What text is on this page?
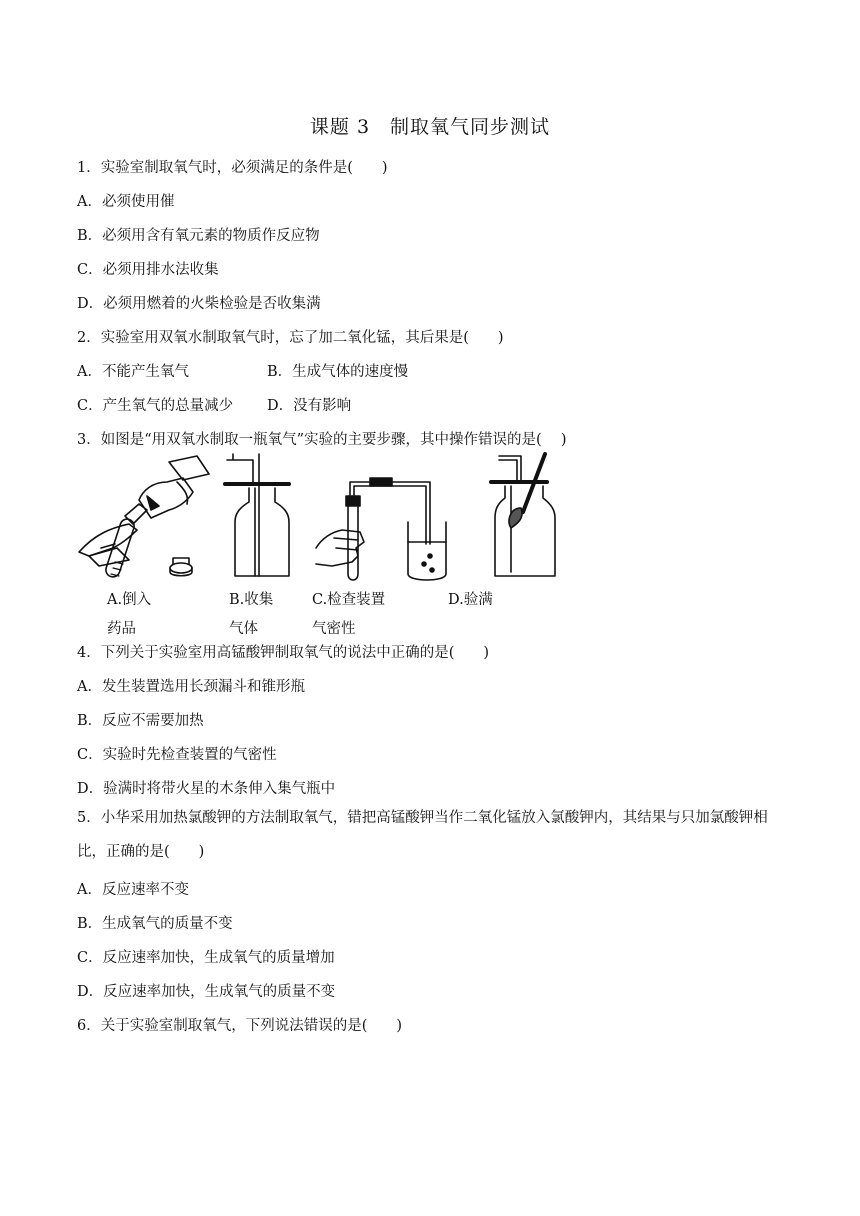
课题 3　制取氧气同步测试
1．实验室制取氧气时，必须满足的条件是(　　)
A．必须使用催
B．必须用含有氧元素的物质作反应物
C．必须用排水法收集
D．必须用燃着的火柴检验是否收集满
2．实验室用双氧水制取氧气时，忘了加二氧化锰，其后果是(　　)
A．不能产生氧气	B．生成气体的速度慢
C．产生氧气的总量减少 D．没有影响
3．如图是“用双氧水制取一瓶氧气”实验的主要步骤，其中操作错误的是(　 )
A.倒入
药品
B.收集
气体
C.检查装置
气密性
D.验满
4．下列关于实验室用高锰酸钾制取氧气的说法中正确的是(　　)
A．发生装置选用长颈漏斗和锥形瓶
B．反应不需要加热
C．实验时先检查装置的气密性
D．验满时将带火星的木条伸入集气瓶中
5．小华采用加热氯酸钾的方法制取氧气，错把高锰酸钾当作二氧化锰放入氯酸钾内，其结果与只加氯酸钾相比，正确的是(　　)
A．反应速率不变
B．生成氧气的质量不变
C．反应速率加快，生成氧气的质量增加
D．反应速率加快，生成氧气的质量不变
6．关于实验室制取氧气，下列说法错误的是(　　)
